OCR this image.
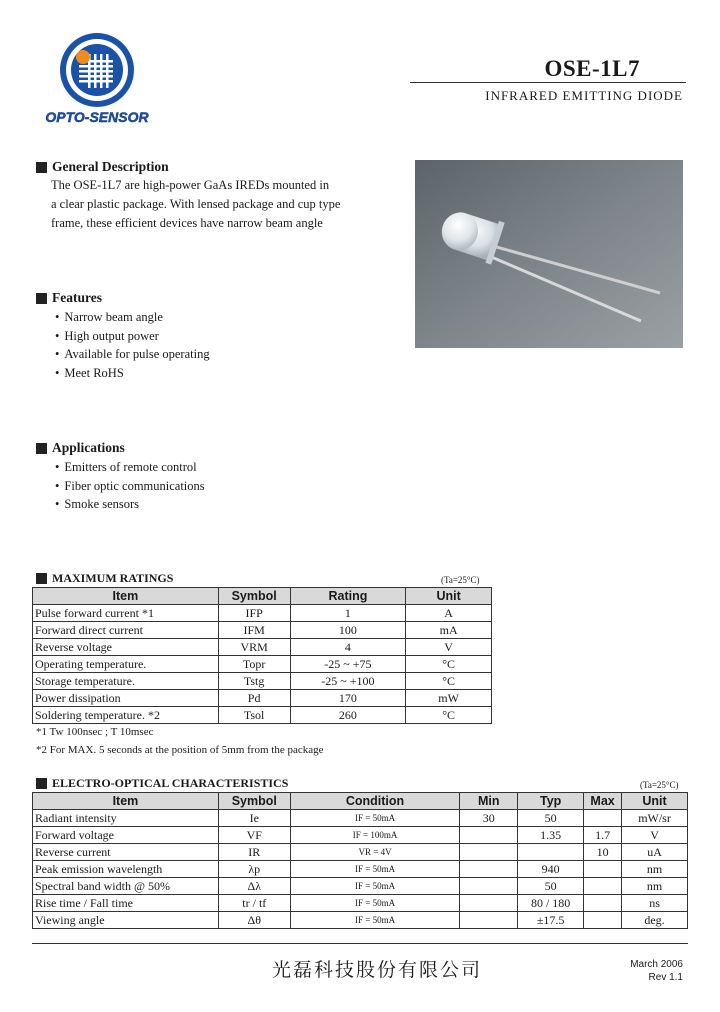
OPTO-SENSOR
OSE-1L7
INFRARED EMITTING DIODE
General Description
The OSE-1L7 are high-power GaAs IREDs mounted in
a clear plastic package. With lensed package and cup type
frame, these efficient devices have narrow beam angle
Features
• Narrow beam angle
• High output power
• Available for pulse operating
• Meet RoHS
Applications
• Emitters of remote control
• Fiber optic communications
• Smoke sensors
MAXIMUM RATINGS	(Ta=25°C)
Item	Symbol	Rating	Unit
Pulse forward current *1	IFP	1	A
Forward direct current	IFM	100	mA
Reverse voltage	VRM	4	V
Operating temperature.	Topr	-25 ~ +75	°C
Storage temperature.	Tstg	-25 ~ +100	°C
Power dissipation	Pd	170	mW
Soldering temperature. *2	Tsol	260	°C
*1 Tw 100nsec ; T 10msec
*2 For MAX. 5 seconds at the position of 5mm from the package
ELECTRO-OPTICAL CHARACTERISTICS	(Ta=25°C)
Item	Symbol	Condition	Min	Typ	Max	Unit
Radiant intensity	Ie	IF = 50mA	30	50		mW/sr
Forward voltage	VF	IF = 100mA		1.35	1.7	V
Reverse current	IR	VR = 4V			10	uA
Peak emission wavelength	λp	IF = 50mA		940		nm
Spectral band width @ 50%	Δλ	IF = 50mA		50		nm
Rise time / Fall time	tr / tf	IF = 50mA		80 / 180		ns
Viewing angle	Δθ	IF = 50mA		±17.5		deg.
光磊科技股份有限公司	March 2006
Rev 1.1
